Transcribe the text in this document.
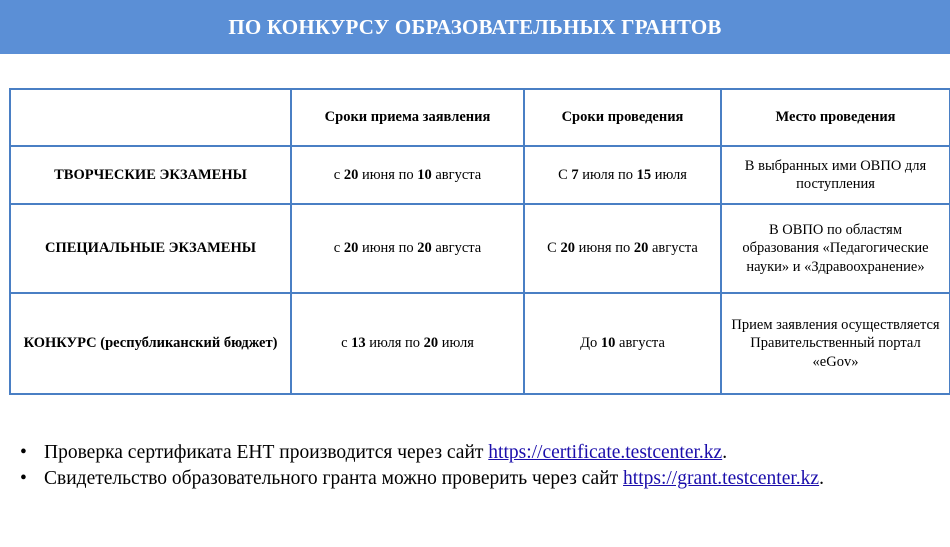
ПО КОНКУРСУ ОБРАЗОВАТЕЛЬНЫХ ГРАНТОВ
	Сроки приема заявления	Сроки проведения	Место проведения
ТВОРЧЕСКИЕ ЭКЗАМЕНЫ	с 20 июня по 10 августа	С 7 июля по 15 июля	В выбранных ими ОВПО для поступления
СПЕЦИАЛЬНЫЕ ЭКЗАМЕНЫ	с 20 июня по 20 августа	С 20 июня по 20 августа	В ОВПО по областям образования «Педагогические науки» и «Здравоохранение»
КОНКУРС (республиканский бюджет)	с 13 июля по 20 июля	До 10 августа	Прием заявления осуществляется Правительственный портал «eGov»
• Проверка сертификата ЕНТ производится через сайт https://certificate.testcenter.kz.
• Свидетельство образовательного гранта можно проверить через сайт https://grant.testcenter.kz.
